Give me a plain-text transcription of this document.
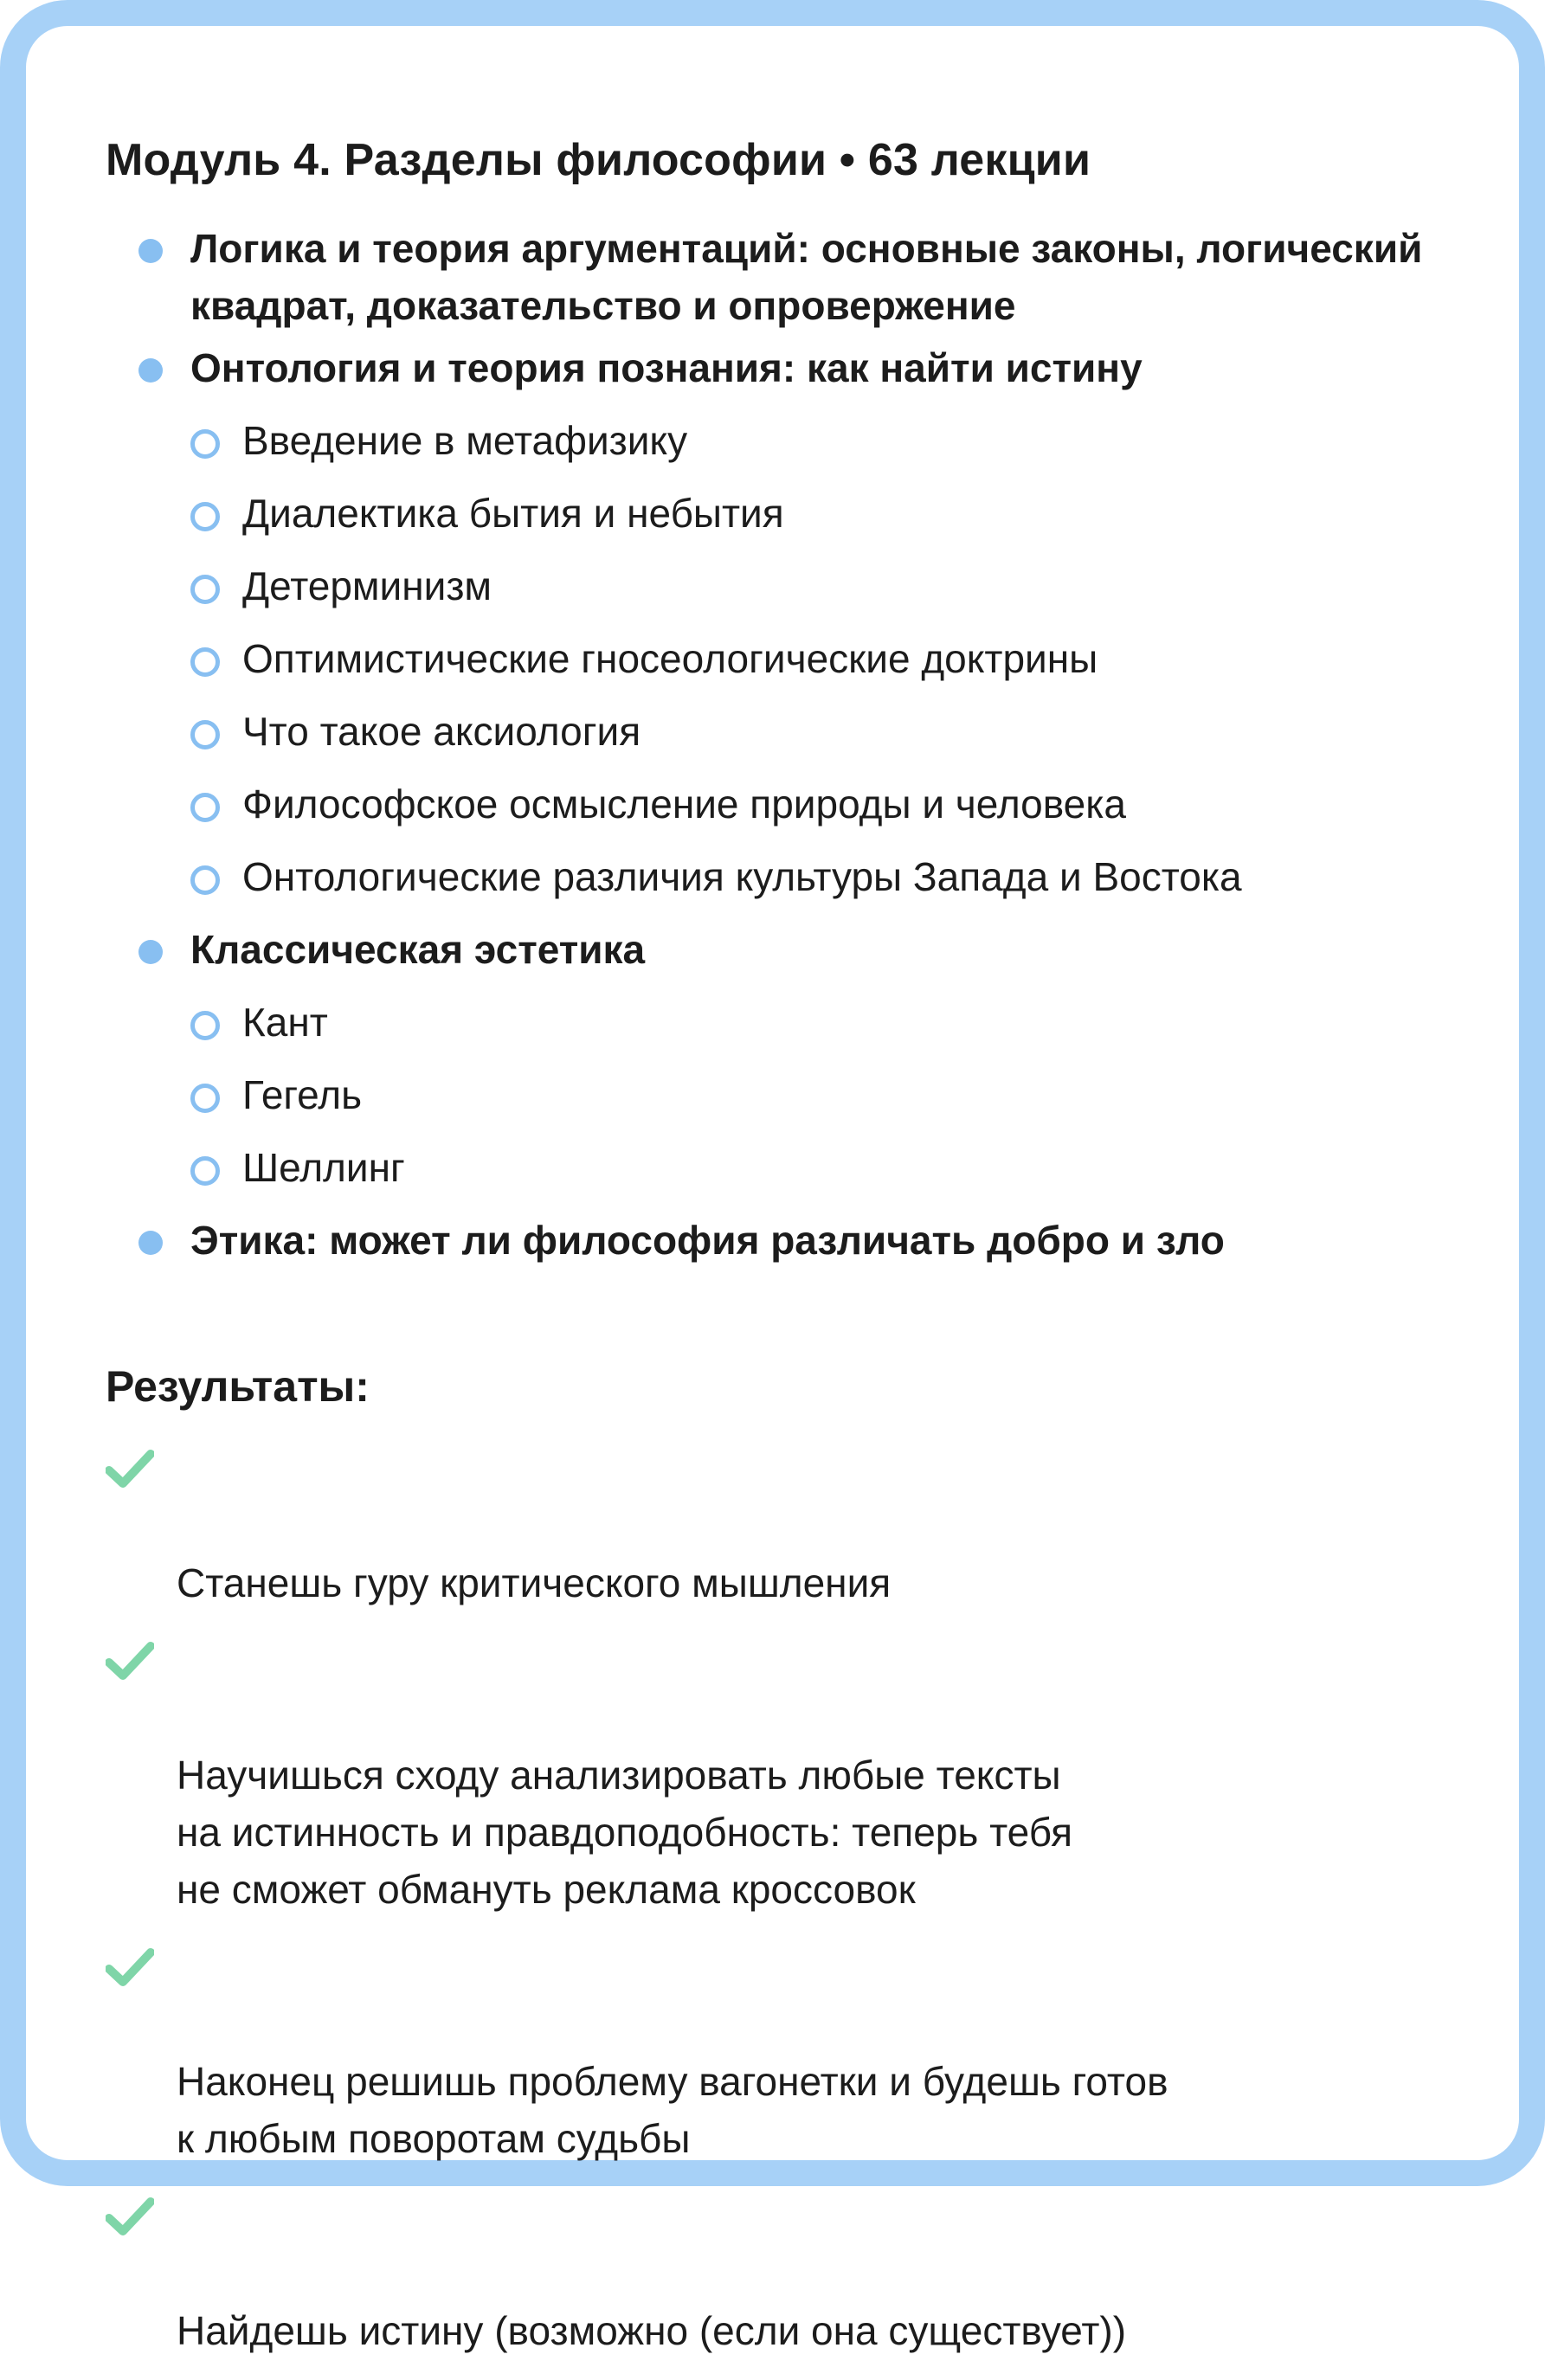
Модуль 4. Разделы философии • 63 лекции
Логика и теория аргументаций: основные законы, логический квадрат, доказательство и опровержение
Онтология и теория познания: как найти истину
Введение в метафизику
Диалектика бытия и небытия
Детерминизм
Оптимистические гносеологические доктрины
Что такое аксиология
Философское осмысление природы и человека
Онтологические различия культуры Запада и Востока
Классическая эстетика
Кант
Гегель
Шеллинг
Этика: может ли философия различать добро и зло
Результаты:

Станешь гуру критического мышления

Научишься сходу анализировать любые тексты
на истинность и правдоподобность: теперь тебя
не сможет обмануть реклама кроссовок

Наконец решишь проблему вагонетки и будешь готов
к любым поворотам судьбы

Найдешь истину (возможно (если она существует))
